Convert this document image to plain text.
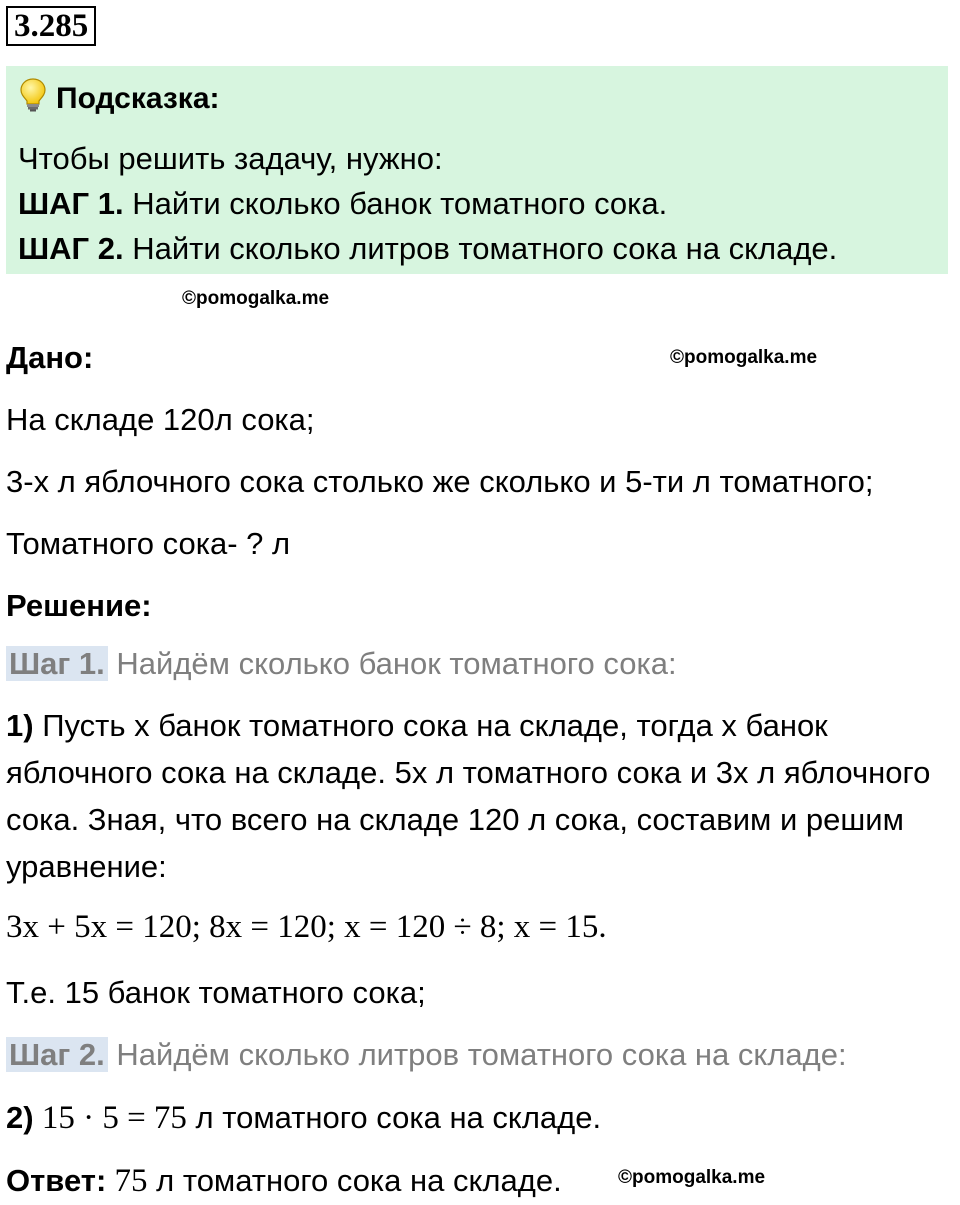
3.285
Подсказка:
Чтобы решить задачу, нужно:
ШАГ 1. Найти сколько банок томатного сока.
ШАГ 2. Найти сколько литров томатного сока на складе.
©pomogalka.me
Дано:	©pomogalka.me
На складе 120л сока;
3-х л яблочного сока столько же сколько и 5-ти л томатного;
Томатного сока- ? л
Решение:
Шаг 1. Найдём сколько банок томатного сока:
1) Пусть x банок томатного сока на складе, тогда x банок яблочного сока на складе. 5x л томатного сока и 3x л яблочного сока. Зная, что всего на складе 120 л сока, составим и решим уравнение:
3x + 5x = 120; 8x = 120; x = 120 ÷ 8; x = 15.
Т.е. 15 банок томатного сока;
Шаг 2. Найдём сколько литров томатного сока на складе:
2) 15 · 5 = 75 л томатного сока на складе.
Ответ: 75 л томатного сока на складе.	©pomogalka.me
